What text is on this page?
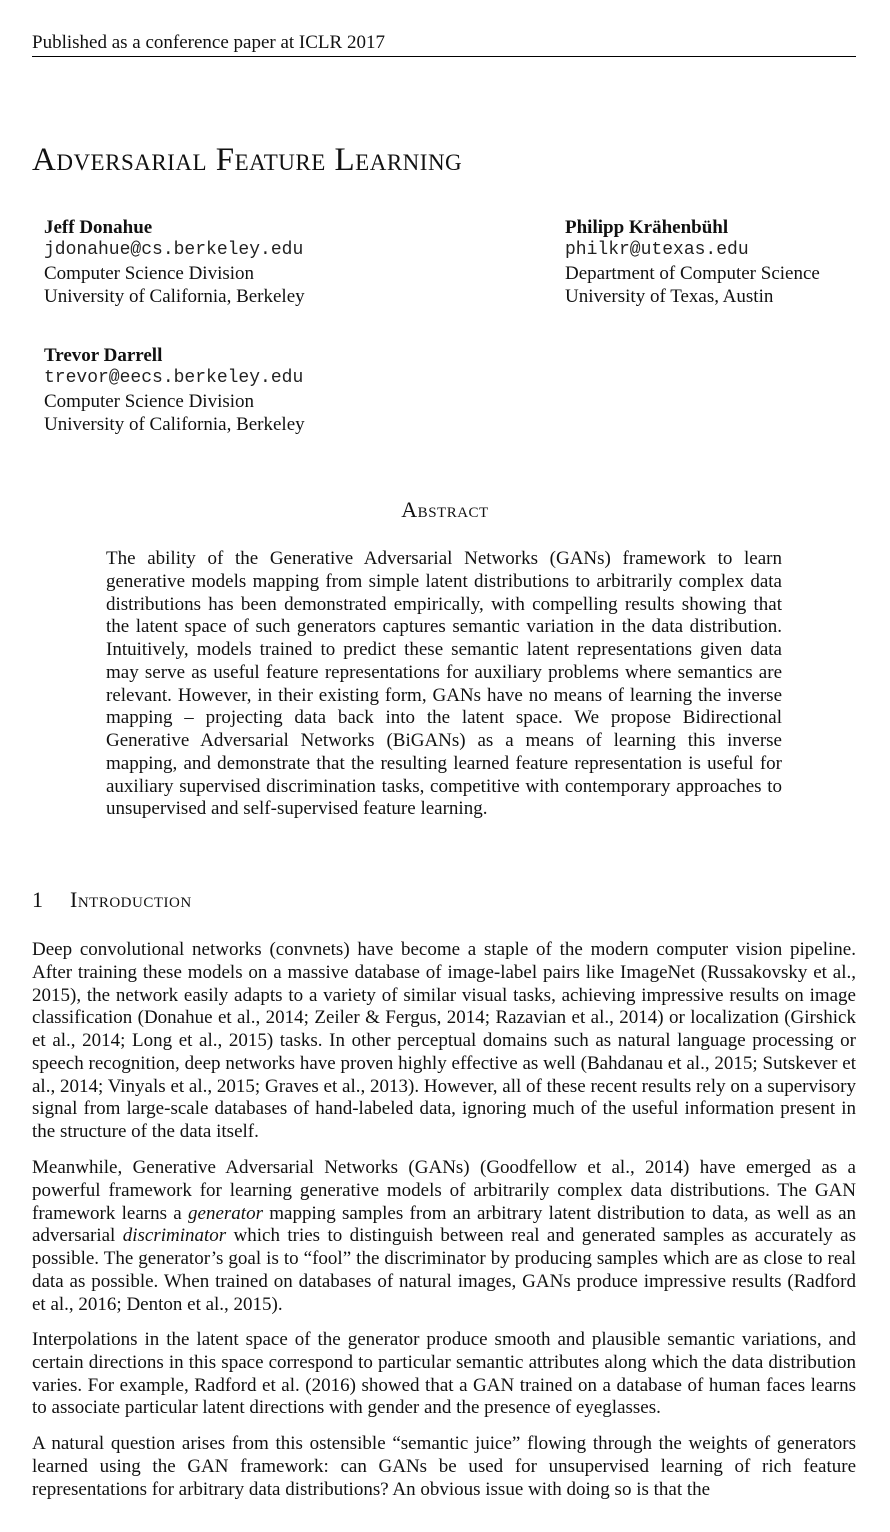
Published as a conference paper at ICLR 2017
Adversarial Feature Learning
Jeff Donahue
jdonahue@cs.berkeley.edu
Computer Science Division
University of California, Berkeley
Philipp Krähenbühl
philkr@utexas.edu
Department of Computer Science
University of Texas, Austin
Trevor Darrell
trevor@eecs.berkeley.edu
Computer Science Division
University of California, Berkeley
Abstract

The ability of the Generative Adversarial Networks (GANs) framework to learn generative models mapping from simple latent distributions to arbitrarily complex data distributions has been demonstrated empirically, with compelling results showing that the latent space of such generators captures semantic variation in the data distribution. Intuitively, models trained to predict these semantic latent representations given data may serve as useful feature representations for auxiliary problems where semantics are relevant. However, in their existing form, GANs have no means of learning the inverse mapping – projecting data back into the latent space. We propose Bidirectional Generative Adversarial Networks (BiGANs) as a means of learning this inverse mapping, and demonstrate that the resulting learned feature representation is useful for auxiliary supervised discrimination tasks, competitive with contemporary approaches to unsupervised and self-supervised feature learning.

1 Introduction

Deep convolutional networks (convnets) have become a staple of the modern computer vision pipeline. After training these models on a massive database of image-label pairs like ImageNet (Russakovsky et al., 2015), the network easily adapts to a variety of similar visual tasks, achieving impressive results on image classification (Donahue et al., 2014; Zeiler & Fergus, 2014; Razavian et al., 2014) or localization (Girshick et al., 2014; Long et al., 2015) tasks. In other perceptual domains such as natural language processing or speech recognition, deep networks have proven highly effective as well (Bahdanau et al., 2015; Sutskever et al., 2014; Vinyals et al., 2015; Graves et al., 2013). However, all of these recent results rely on a supervisory signal from large-scale databases of hand-labeled data, ignoring much of the useful information present in the structure of the data itself.

Meanwhile, Generative Adversarial Networks (GANs) (Goodfellow et al., 2014) have emerged as a powerful framework for learning generative models of arbitrarily complex data distributions. The GAN framework learns a generator mapping samples from an arbitrary latent distribution to data, as well as an adversarial discriminator which tries to distinguish between real and generated samples as accurately as possible. The generator’s goal is to “fool” the discriminator by producing samples which are as close to real data as possible. When trained on databases of natural images, GANs produce impressive results (Radford et al., 2016; Denton et al., 2015).

Interpolations in the latent space of the generator produce smooth and plausible semantic variations, and certain directions in this space correspond to particular semantic attributes along which the data distribution varies. For example, Radford et al. (2016) showed that a GAN trained on a database of human faces learns to associate particular latent directions with gender and the presence of eyeglasses.

A natural question arises from this ostensible “semantic juice” flowing through the weights of generators learned using the GAN framework: can GANs be used for unsupervised learning of rich feature representations for arbitrary data distributions? An obvious issue with doing so is that the
